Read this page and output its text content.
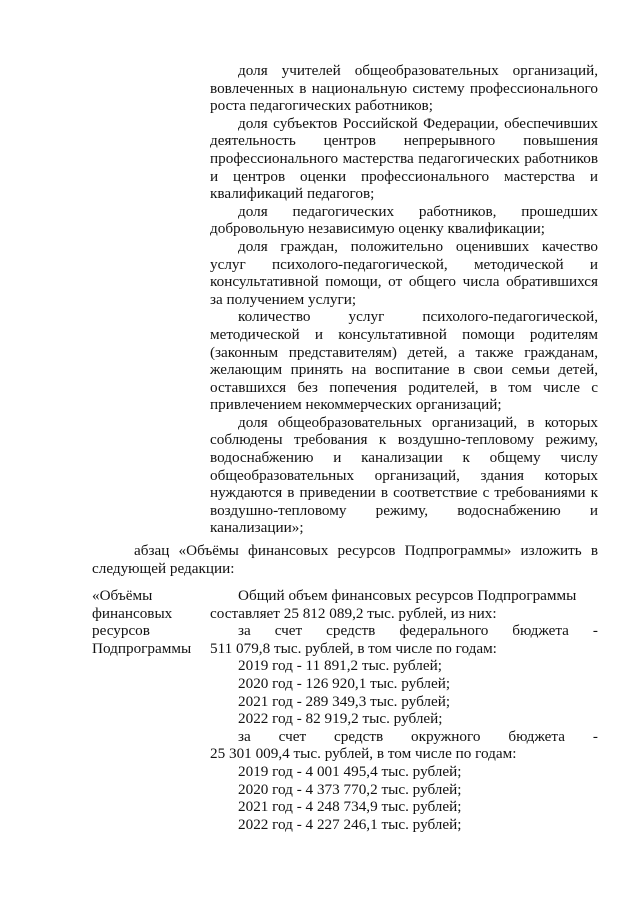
доля учителей общеобразовательных организаций, вовлеченных в национальную систему профессионального роста педагогических работников;

доля субъектов Российской Федерации, обеспечивших деятельность центров непрерывного повышения профессионального мастерства педагогических работников и центров оценки профессионального мастерства и квалификаций педагогов;

доля педагогических работников, прошедших добровольную независимую оценку квалификации;

доля граждан, положительно оценивших качество услуг психолого-педагогической, методической и консультативной помощи, от общего числа обратившихся за получением услуги;

количество услуг психолого-педагогической, методической и консультативной помощи родителям (законным представителям) детей, а также гражданам, желающим принять на воспитание в свои семьи детей, оставшихся без попечения родителей, в том числе с привлечением некоммерческих организаций;

доля общеобразовательных организаций, в которых соблюдены требования к воздушно-тепловому режиму, водоснабжению и канализации к общему числу общеобразовательных организаций, здания которых нуждаются в приведении в соответствие с требованиями к воздушно-тепловому режиму, водоснабжению и канализации»;

абзац «Объёмы финансовых ресурсов Подпрограммы» изложить в следующей редакции:

«Объёмы
финансовых
ресурсов
Подпрограммы
Общий объем финансовых ресурсов Подпрограммы
составляет 25 812 089,2 тыс. рублей, из них:
за счет средств федерального бюджета -
511 079,8 тыс. рублей, в том числе по годам:
2019 год - 11 891,2 тыс. рублей;
2020 год - 126 920,1 тыс. рублей;
2021 год - 289 349,3 тыс. рублей;
2022 год - 82 919,2 тыс. рублей;
за счет средств окружного бюджета -
25 301 009,4 тыс. рублей, в том числе по годам:
2019 год - 4 001 495,4 тыс. рублей;
2020 год - 4 373 770,2 тыс. рублей;
2021 год - 4 248 734,9 тыс. рублей;
2022 год - 4 227 246,1 тыс. рублей;
